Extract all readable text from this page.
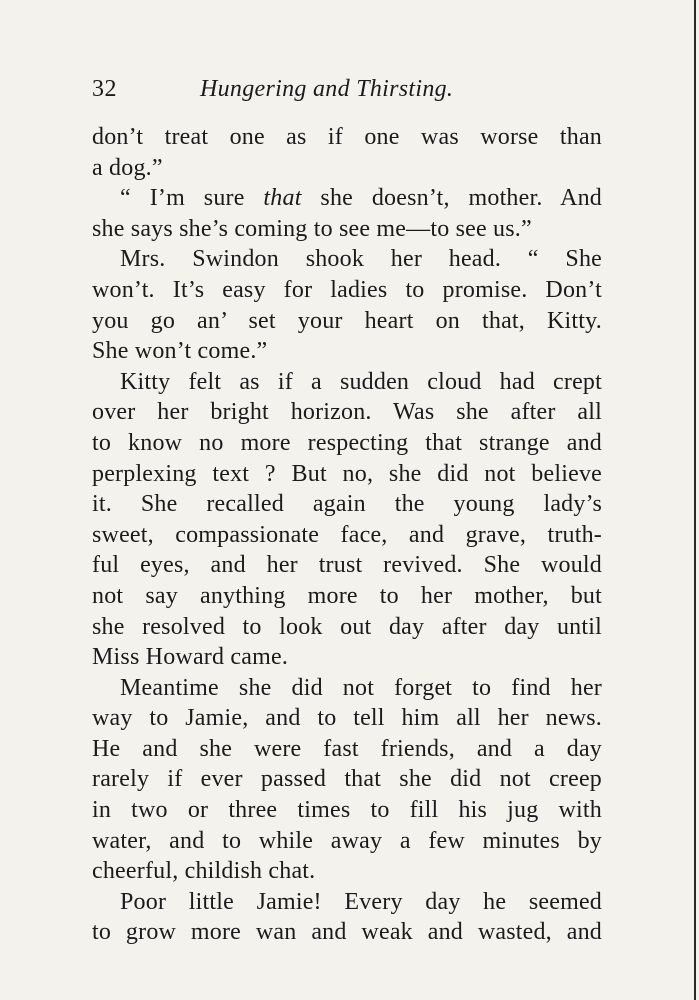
32	Hungering and Thirsting.
don’t treat one as if one was worse than
a dog.”
“ I’m sure that she doesn’t, mother. And
she says she’s coming to see me—to see us.”
Mrs. Swindon shook her head. “ She
won’t. It’s easy for ladies to promise. Don’t
you go an’ set your heart on that, Kitty.
She won’t come.”
Kitty felt as if a sudden cloud had crept
over her bright horizon. Was she after all
to know no more respecting that strange and
perplexing text ? But no, she did not believe
it. She recalled again the young lady’s
sweet, compassionate face, and grave, truth-
ful eyes, and her trust revived. She would
not say anything more to her mother, but
she resolved to look out day after day until
Miss Howard came.
Meantime she did not forget to find her
way to Jamie, and to tell him all her news.
He and she were fast friends, and a day
rarely if ever passed that she did not creep
in two or three times to fill his jug with
water, and to while away a few minutes by
cheerful, childish chat.
Poor little Jamie! Every day he seemed
to grow more wan and weak and wasted, and
